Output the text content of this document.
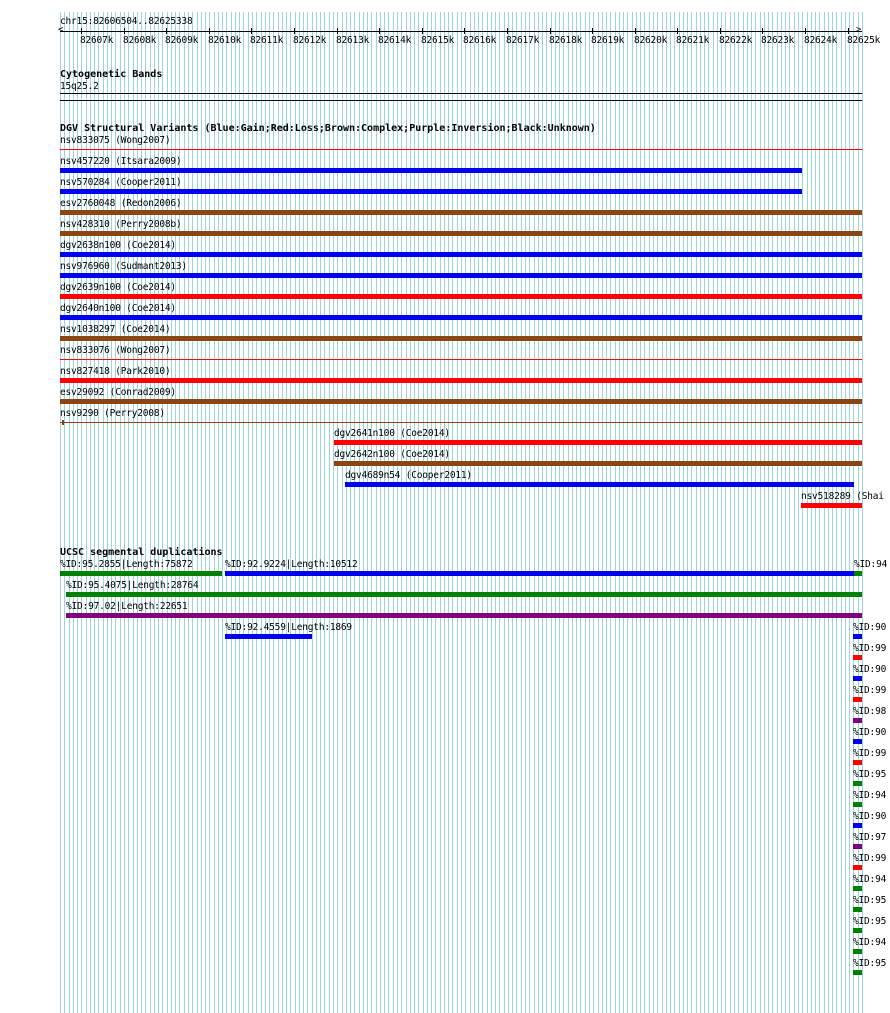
chr15:82606504..82625338
<	>
82607k 82608k 82609k 82610k 82611k 82612k 82613k 82614k 82615k 82616k 82617k 82618k 82619k 82620k 82621k 82622k 82623k 82624k 82625k
Cytogenetic Bands
15q25.2
DGV Structural Variants (Blue:Gain;Red:Loss;Brown:Complex;Purple:Inversion;Black:Unknown)
nsv833075 (Wong2007)
nsv457220 (Itsara2009)
nsv570284 (Cooper2011)
esv2760048 (Redon2006)
nsv428310 (Perry2008b)
dgv2638n100 (Coe2014)
nsv976960 (Sudmant2013)
dgv2639n100 (Coe2014)
dgv2640n100 (Coe2014)
nsv1038297 (Coe2014)
nsv833076 (Wong2007)
nsv827418 (Park2010)
esv29092 (Conrad2009)
nsv9290 (Perry2008)
dgv2641n100 (Coe2014)
dgv2642n100 (Coe2014)
dgv4689n54 (Cooper2011)
nsv518289 (Shai
UCSC segmental duplications
%ID:95.2855|Length:75872	%ID:92.9224|Length:10512	%ID:94
%ID:95.4075|Length:28764
%ID:97.02|Length:22651
%ID:92.4559|Length:1869	%ID:90
%ID:99
%ID:90
%ID:99
%ID:98
%ID:90
%ID:99
%ID:95
%ID:94
%ID:90
%ID:97
%ID:99
%ID:94
%ID:95
%ID:95
%ID:94
%ID:95
